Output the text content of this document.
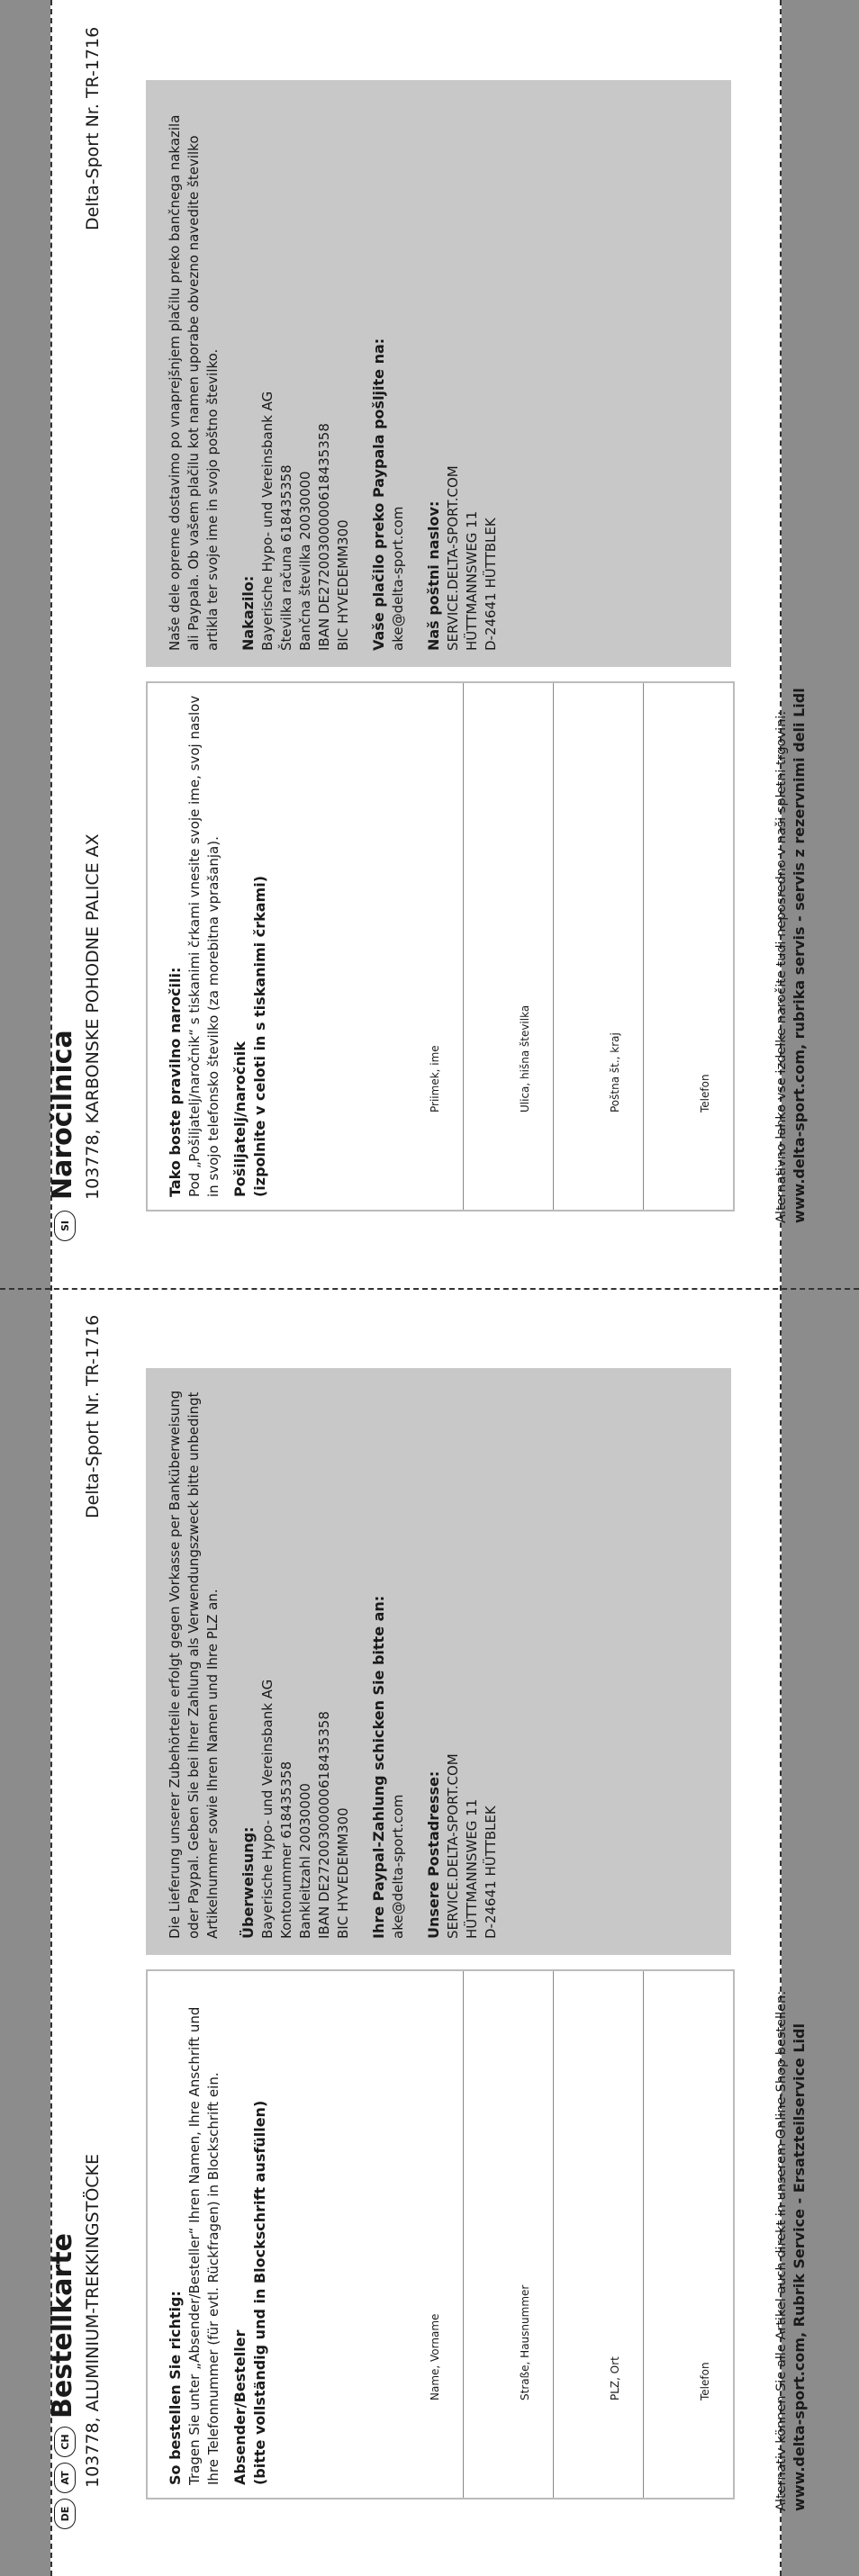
DE
AT
CH
Bestellkarte 103778, ALUMINIUM-TREKKINGSTÖCKE
Delta-Sport Nr. TR-1716
So bestellen Sie richtig: Tragen Sie unter „Absender/Besteller“ Ihren Namen, Ihre Anschrift und Ihre Telefonnummer (für evtl. Rückfragen) in Blockschrift ein. Absender/Besteller (bitte vollständig und in Blockschrift ausfüllen)	Name, Vorname	Straße, Hausnummer	PLZ, Ort	Telefon
Die Lieferung unserer Zubehörteile erfolgt gegen Vorkasse per Banküberweisung oder Paypal. Geben Sie bei Ihrer Zahlung als Verwendungszweck bitte unbedingt Artikelnummer sowie Ihren Namen und Ihre PLZ an. Überweisung: Bayerische Hypo- und Vereinsbank AG Kontonummer 618435358 Bankleitzahl 20030000 IBAN DE27200300000618435358 BIC HYVEDEMM300 Ihre Paypal-Zahlung schicken Sie bitte an: ake@delta-sport.com Unsere Postadresse: SERVICE.DELTA-SPORT.COM HÜTTMANNSWEG 11 D-24641 HÜTTBLEK
Alternativ können Sie alle Artikel auch direkt in unserem Online-Shop bestellen: www.delta-sport.com, Rubrik Service - Ersatzteilservice Lidl
SI
Naročilnica 103778, KARBONSKE POHODNE PALICE AX
Delta-Sport Nr. TR-1716
Tako boste pravilno naročili: Pod „Pošiljatelj/naročnik“ s tiskanimi črkami vnesite svoje ime, svoj naslov in svojo telefonsko številko (za morebitna vprašanja). Pošiljatelj/naročnik (izpolnite v celoti in s tiskanimi črkami)	Priimek, ime	Ulica, hišna številka	Poštna št., kraj	Telefon
Naše dele opreme dostavimo po vnaprejšnjem plačilu preko bančnega nakazila ali Paypala. Ob vašem plačilu kot namen uporabe obvezno navedite številko artikla ter svoje ime in svojo poštno številko. Nakazilo: Bayerische Hypo- und Vereinsbank AG Številka računa 618435358 Bančna številka 20030000 IBAN DE27200300000618435358 BIC HYVEDEMM300 Vaše plačilo preko Paypala pošljite na: ake@delta-sport.com Naš poštni naslov: SERVICE.DELTA-SPORT.COM HÜTTMANNSWEG 11 D-24641 HÜTTBLEK
Alternativno lahko vse izdelke naročite tudi neposredno v naši spletni trgovini: www.delta-sport.com, rubrika servis - servis z rezervnimi deli Lidl
